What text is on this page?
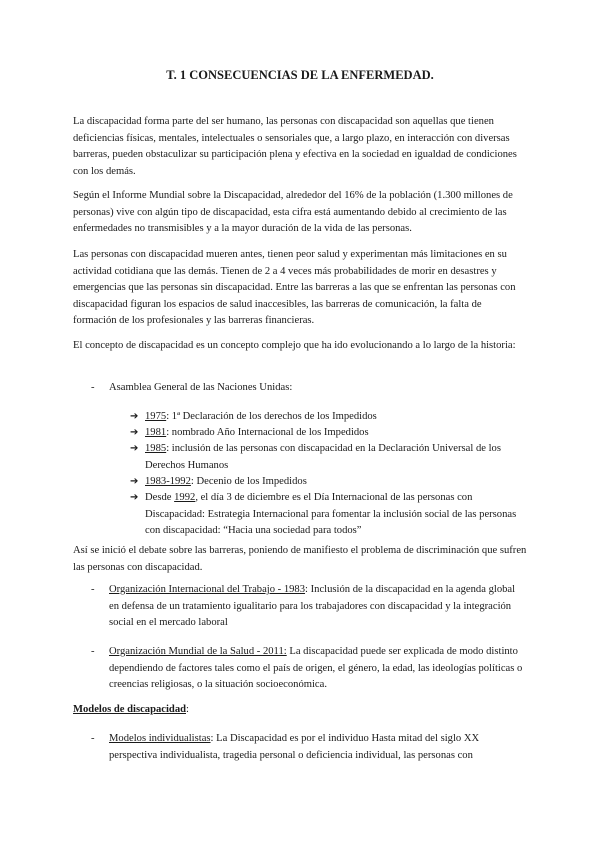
T. 1 CONSECUENCIAS DE LA ENFERMEDAD.

La discapacidad forma parte del ser humano, las personas con discapacidad son aquellas que tienen deficiencias físicas, mentales, intelectuales o sensoriales que, a largo plazo, en interacción con diversas barreras, pueden obstaculizar su participación plena y efectiva en la sociedad en igualdad de condiciones con los demás.

Según el Informe Mundial sobre la Discapacidad, alrededor del 16% de la población (1.300 millones de personas) vive con algún tipo de discapacidad, esta cifra está aumentando debido al crecimiento de las enfermedades no transmisibles y a la mayor duración de la vida de las personas.

Las personas con discapacidad mueren antes, tienen peor salud y experimentan más limitaciones en su actividad cotidiana que las demás. Tienen de 2 a 4 veces más probabilidades de morir en desastres y emergencias que las personas sin discapacidad. Entre las barreras a las que se enfrentan las personas con discapacidad figuran los espacios de salud inaccesibles, las barreras de comunicación, la falta de formación de los profesionales y las barreras financieras.

El concepto de discapacidad es un concepto complejo que ha ido evolucionando a lo largo de la historia:

- Asamblea General de las Naciones Unidas:
➔ 1975: 1ª Declaración de los derechos de los Impedidos
➔ 1981: nombrado Año Internacional de los Impedidos
➔ 1985: inclusión de las personas con discapacidad en la Declaración Universal de los Derechos Humanos
➔ 1983-1992: Decenio de los Impedidos
➔ Desde 1992, el día 3 de diciembre es el Día Internacional de las personas con Discapacidad: Estrategia Internacional para fomentar la inclusión social de las personas con discapacidad: “Hacia una sociedad para todos”

Así se inició el debate sobre las barreras, poniendo de manifiesto el problema de discriminación que sufren las personas con discapacidad.

- Organización Internacional del Trabajo - 1983: Inclusión de la discapacidad en la agenda global en defensa de un tratamiento igualitario para los trabajadores con discapacidad y la integración social en el mercado laboral
- Organización Mundial de la Salud - 2011: La discapacidad puede ser explicada de modo distinto dependiendo de factores tales como el país de origen, el género, la edad, las ideologías políticas o creencias religiosas, o la situación socioeconómica.

Modelos de discapacidad:

- Modelos individualistas: La Discapacidad es por el individuo Hasta mitad del siglo XX perspectiva individualista, tragedia personal o deficiencia individual, las personas con
